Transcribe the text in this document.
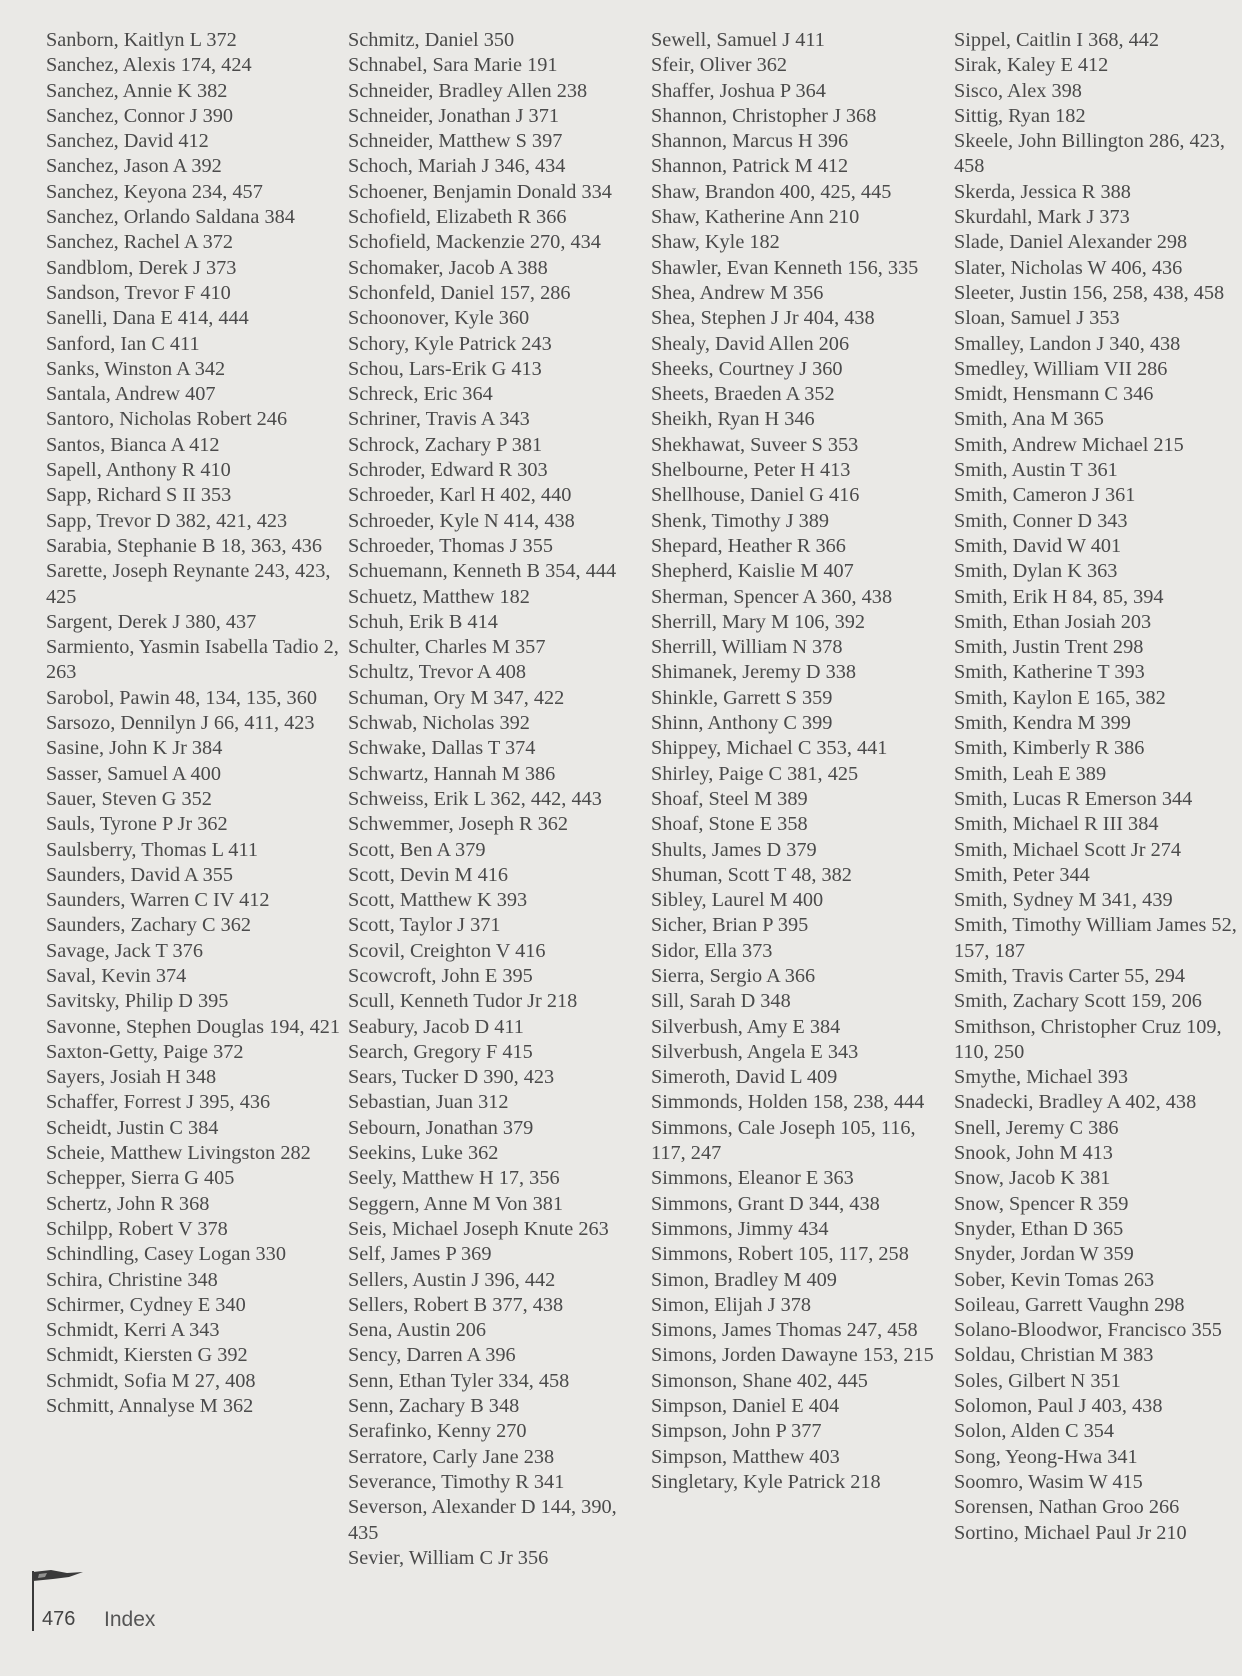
Sanborn, Kaitlyn L 372
Sanchez, Alexis 174, 424
Sanchez, Annie K 382
Sanchez, Connor J 390
Sanchez, David 412
Sanchez, Jason A 392
Sanchez, Keyona 234, 457
Sanchez, Orlando Saldana 384
Sanchez, Rachel A 372
Sandblom, Derek J 373
Sandson, Trevor F 410
Sanelli, Dana E 414, 444
Sanford, Ian C 411
Sanks, Winston A 342
Santala, Andrew 407
Santoro, Nicholas Robert 246
Santos, Bianca A 412
Sapell, Anthony R 410
Sapp, Richard S II 353
Sapp, Trevor D 382, 421, 423
Sarabia, Stephanie B 18, 363, 436
Sarette, Joseph Reynante 243, 423, 425
Sargent, Derek J 380, 437
Sarmiento, Yasmin Isabella Tadio 2, 263
Sarobol, Pawin 48, 134, 135, 360
Sarsozo, Dennilyn J 66, 411, 423
Sasine, John K Jr 384
Sasser, Samuel A 400
Sauer, Steven G 352
Sauls, Tyrone P Jr 362
Saulsberry, Thomas L 411
Saunders, David A 355
Saunders, Warren C IV 412
Saunders, Zachary C 362
Savage, Jack T 376
Saval, Kevin 374
Savitsky, Philip D 395
Savonne, Stephen Douglas 194, 421
Saxton-Getty, Paige 372
Sayers, Josiah H 348
Schaffer, Forrest J 395, 436
Scheidt, Justin C 384
Scheie, Matthew Livingston 282
Schepper, Sierra G 405
Schertz, John R 368
Schilpp, Robert V 378
Schindling, Casey Logan 330
Schira, Christine 348
Schirmer, Cydney E 340
Schmidt, Kerri A 343
Schmidt, Kiersten G 392
Schmidt, Sofia M 27, 408
Schmitt, Annalyse M 362
Schmitz, Daniel 350
Schnabel, Sara Marie 191
Schneider, Bradley Allen 238
Schneider, Jonathan J 371
Schneider, Matthew S 397
Schoch, Mariah J 346, 434
Schoener, Benjamin Donald 334
Schofield, Elizabeth R 366
Schofield, Mackenzie 270, 434
Schomaker, Jacob A 388
Schonfeld, Daniel 157, 286
Schoonover, Kyle 360
Schory, Kyle Patrick 243
Schou, Lars-Erik G 413
Schreck, Eric 364
Schriner, Travis A 343
Schrock, Zachary P 381
Schroder, Edward R 303
Schroeder, Karl H 402, 440
Schroeder, Kyle N 414, 438
Schroeder, Thomas J 355
Schuemann, Kenneth B 354, 444
Schuetz, Matthew 182
Schuh, Erik B 414
Schulter, Charles M 357
Schultz, Trevor A 408
Schuman, Ory M 347, 422
Schwab, Nicholas 392
Schwake, Dallas T 374
Schwartz, Hannah M 386
Schweiss, Erik L 362, 442, 443
Schwemmer, Joseph R 362
Scott, Ben A 379
Scott, Devin M 416
Scott, Matthew K 393
Scott, Taylor J 371
Scovil, Creighton V 416
Scowcroft, John E 395
Scull, Kenneth Tudor Jr 218
Seabury, Jacob D 411
Search, Gregory F 415
Sears, Tucker D 390, 423
Sebastian, Juan 312
Sebourn, Jonathan 379
Seekins, Luke 362
Seely, Matthew H 17, 356
Seggern, Anne M Von 381
Seis, Michael Joseph Knute 263
Self, James P 369
Sellers, Austin J 396, 442
Sellers, Robert B 377, 438
Sena, Austin 206
Sency, Darren A 396
Senn, Ethan Tyler 334, 458
Senn, Zachary B 348
Serafinko, Kenny 270
Serratore, Carly Jane 238
Severance, Timothy R 341
Severson, Alexander D 144, 390, 435
Sevier, William C Jr 356
Sewell, Samuel J 411
Sfeir, Oliver 362
Shaffer, Joshua P 364
Shannon, Christopher J 368
Shannon, Marcus H 396
Shannon, Patrick M 412
Shaw, Brandon 400, 425, 445
Shaw, Katherine Ann 210
Shaw, Kyle 182
Shawler, Evan Kenneth 156, 335
Shea, Andrew M 356
Shea, Stephen J Jr 404, 438
Shealy, David Allen 206
Sheeks, Courtney J 360
Sheets, Braeden A 352
Sheikh, Ryan H 346
Shekhawat, Suveer S 353
Shelbourne, Peter H 413
Shellhouse, Daniel G 416
Shenk, Timothy J 389
Shepard, Heather R 366
Shepherd, Kaislie M 407
Sherman, Spencer A 360, 438
Sherrill, Mary M 106, 392
Sherrill, William N 378
Shimanek, Jeremy D 338
Shinkle, Garrett S 359
Shinn, Anthony C 399
Shippey, Michael C 353, 441
Shirley, Paige C 381, 425
Shoaf, Steel M 389
Shoaf, Stone E 358
Shults, James D 379
Shuman, Scott T 48, 382
Sibley, Laurel M 400
Sicher, Brian P 395
Sidor, Ella 373
Sierra, Sergio A 366
Sill, Sarah D 348
Silverbush, Amy E 384
Silverbush, Angela E 343
Simeroth, David L 409
Simmonds, Holden 158, 238, 444
Simmons, Cale Joseph 105, 116, 117, 247
Simmons, Eleanor E 363
Simmons, Grant D 344, 438
Simmons, Jimmy 434
Simmons, Robert 105, 117, 258
Simon, Bradley M 409
Simon, Elijah J 378
Simons, James Thomas 247, 458
Simons, Jorden Dawayne 153, 215
Simonson, Shane 402, 445
Simpson, Daniel E 404
Simpson, John P 377
Simpson, Matthew 403
Singletary, Kyle Patrick 218
Sippel, Caitlin I 368, 442
Sirak, Kaley E 412
Sisco, Alex 398
Sittig, Ryan 182
Skeele, John Billington 286, 423, 458
Skerda, Jessica R 388
Skurdahl, Mark J 373
Slade, Daniel Alexander 298
Slater, Nicholas W 406, 436
Sleeter, Justin 156, 258, 438, 458
Sloan, Samuel J 353
Smalley, Landon J 340, 438
Smedley, William VII 286
Smidt, Hensmann C 346
Smith, Ana M 365
Smith, Andrew Michael 215
Smith, Austin T 361
Smith, Cameron J 361
Smith, Conner D 343
Smith, David W 401
Smith, Dylan K 363
Smith, Erik H 84, 85, 394
Smith, Ethan Josiah 203
Smith, Justin Trent 298
Smith, Katherine T 393
Smith, Kaylon E 165, 382
Smith, Kendra M 399
Smith, Kimberly R 386
Smith, Leah E 389
Smith, Lucas R Emerson 344
Smith, Michael R III 384
Smith, Michael Scott Jr 274
Smith, Peter 344
Smith, Sydney M 341, 439
Smith, Timothy William James 52, 157, 187
Smith, Travis Carter 55, 294
Smith, Zachary Scott 159, 206
Smithson, Christopher Cruz 109, 110, 250
Smythe, Michael 393
Snadecki, Bradley A 402, 438
Snell, Jeremy C 386
Snook, John M 413
Snow, Jacob K 381
Snow, Spencer R 359
Snyder, Ethan D 365
Snyder, Jordan W 359
Sober, Kevin Tomas 263
Soileau, Garrett Vaughn 298
Solano-Bloodwor, Francisco 355
Soldau, Christian M 383
Soles, Gilbert N 351
Solomon, Paul J 403, 438
Solon, Alden C 354
Song, Yeong-Hwa 341
Soomro, Wasim W 415
Sorensen, Nathan Groo 266
Sortino, Michael Paul Jr 210
476 Index
